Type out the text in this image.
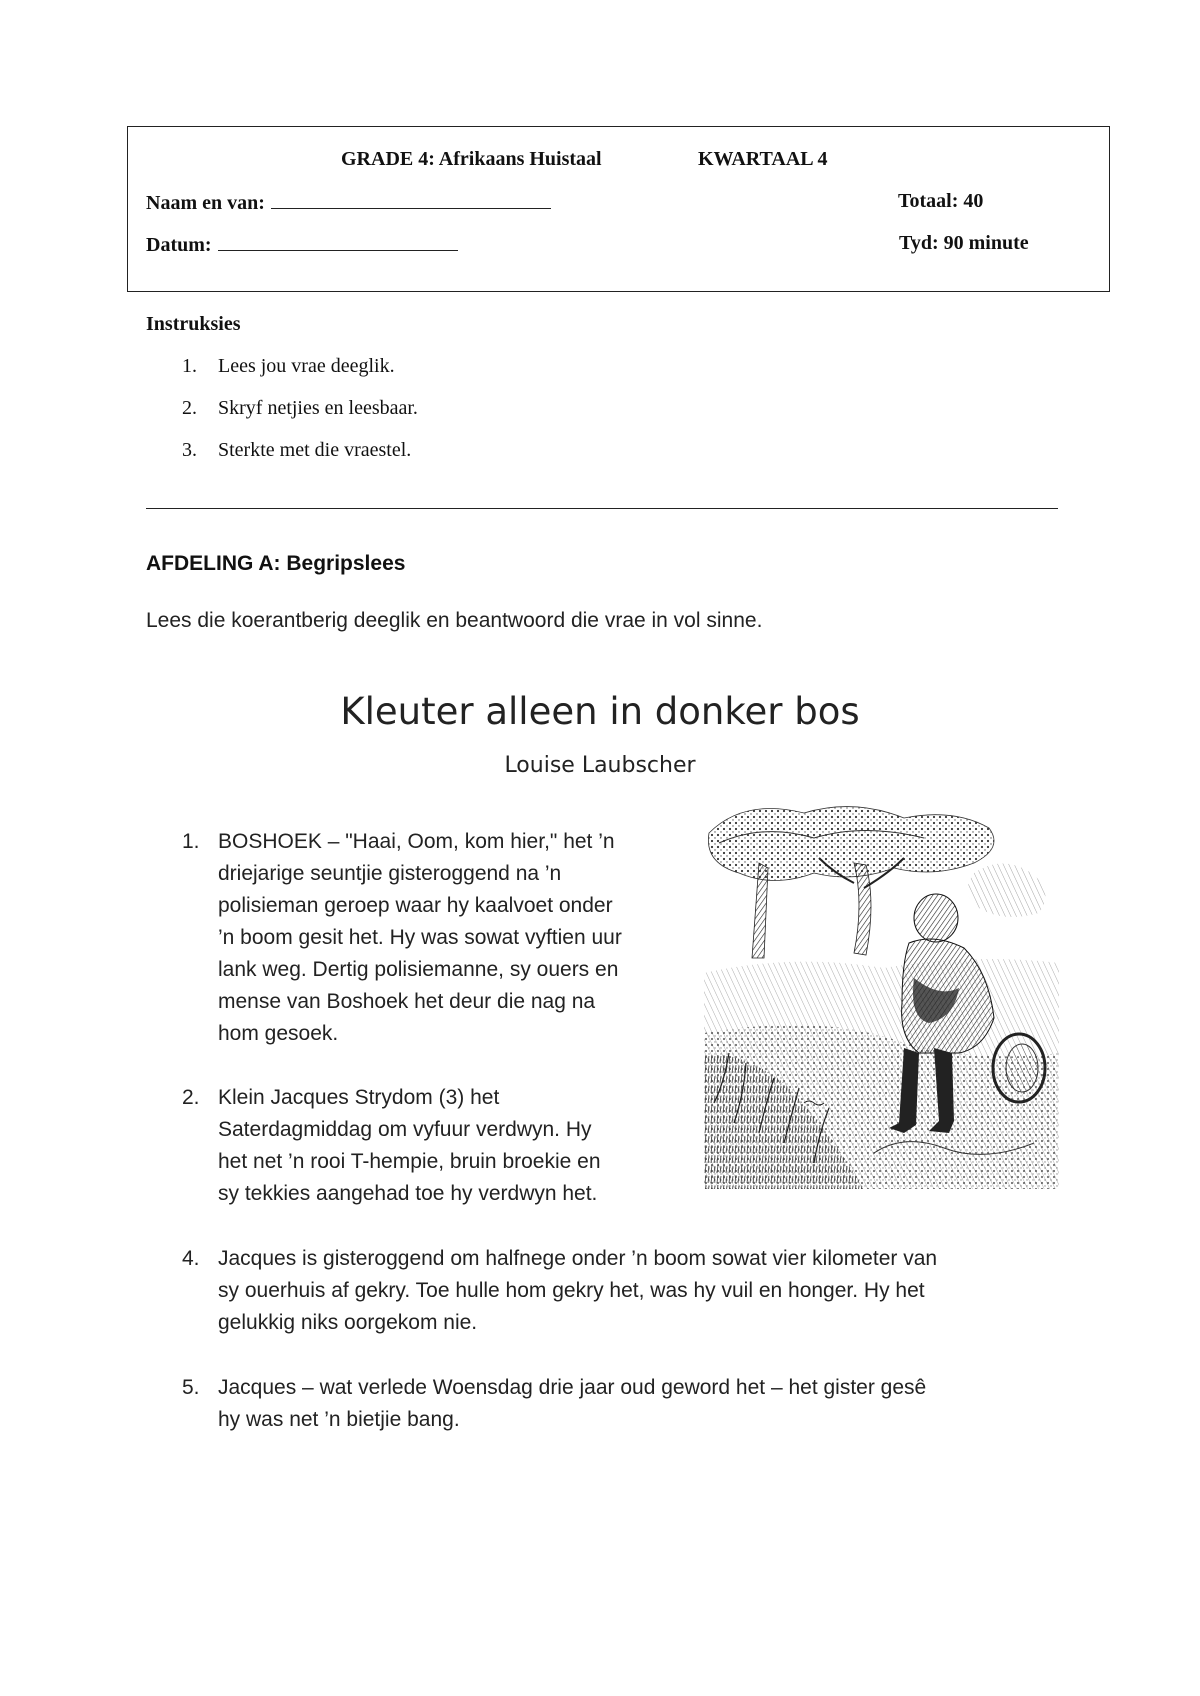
GRADE 4: Afrikaans Huistaal	KWARTAAL 4
Naam en van:	Totaal: 40
Datum:	Tyd: 90 minute
Instruksies
1. Lees jou vrae deeglik.
2. Skryf netjies en leesbaar.
3. Sterkte met die vraestel.
AFDELING A: Begripslees
Lees die koerantberig deeglik en beantwoord die vrae in vol sinne.
Kleuter alleen in donker bos
Louise Laubscher
1. BOSHOEK – "Haai, Oom, kom hier," het ’n
driejarige seuntjie gisteroggend na ’n
polisieman geroep waar hy kaalvoet onder
’n boom gesit het. Hy was sowat vyftien uur
lank weg. Dertig polisiemanne, sy ouers en
mense van Boshoek het deur die nag na
hom gesoek.
2. Klein Jacques Strydom (3) het
Saterdagmiddag om vyfuur verdwyn. Hy
het net ’n rooi T-hempie, bruin broekie en
sy tekkies aangehad toe hy verdwyn het.
4. Jacques is gisteroggend om halfnege onder ’n boom sowat vier kilometer van
sy ouerhuis af gekry. Toe hulle hom gekry het, was hy vuil en honger. Hy het
gelukkig niks oorgekom nie.
5. Jacques – wat verlede Woensdag drie jaar oud geword het – het gister gesê
hy was net ’n bietjie bang.
